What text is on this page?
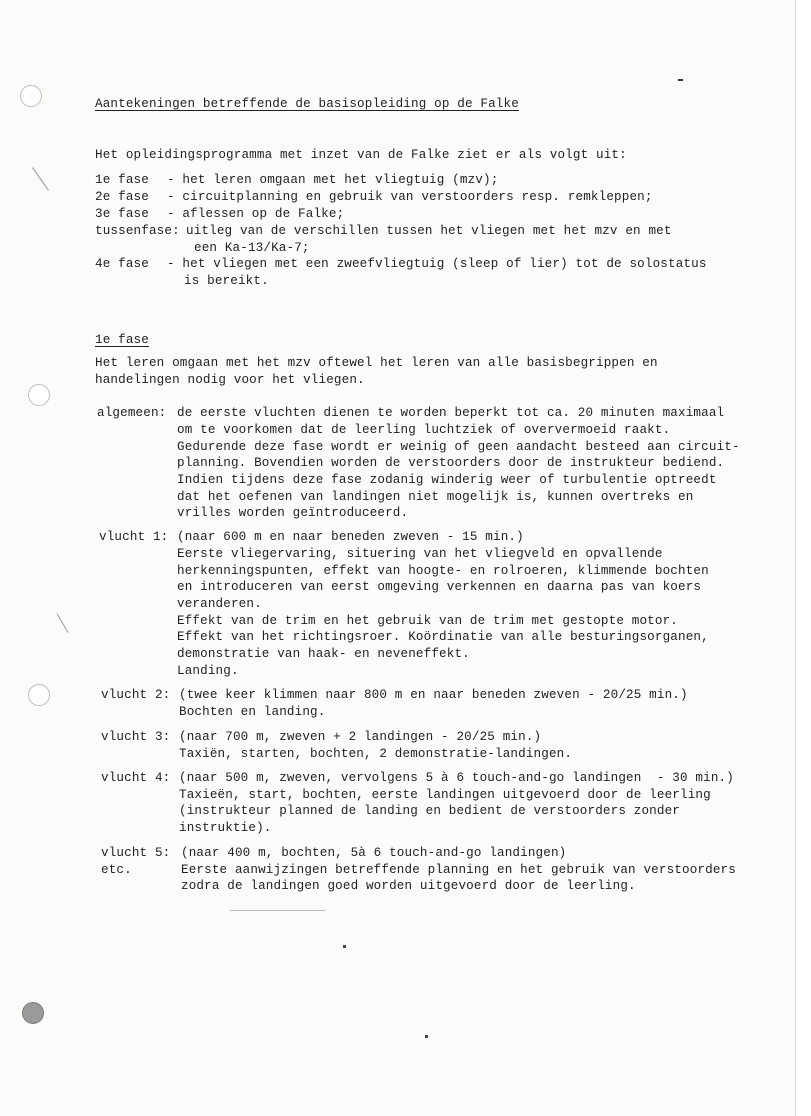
Aantekeningen betreffende de basisopleiding op de Falke
Het opleidingsprogramma met inzet van de Falke ziet er als volgt uit:
1e fase - het leren omgaan met het vliegtuig (mzv);
2e fase - circuitplanning en gebruik van verstoorders resp. remkleppen;
3e fase - aflessen op de Falke;
tussenfase: uitleg van de verschillen tussen het vliegen met het mzv en met
een Ka-13/Ka-7;
4e fase - het vliegen met een zweefvliegtuig (sleep of lier) tot de solostatus
is bereikt.
1e fase
Het leren omgaan met het mzv oftewel het leren van alle basisbegrippen en
handelingen nodig voor het vliegen.
algemeen: de eerste vluchten dienen te worden beperkt tot ca. 20 minuten maximaal
om te voorkomen dat de leerling luchtziek of oververmoeid raakt.
Gedurende deze fase wordt er weinig of geen aandacht besteed aan circuit-
planning. Bovendien worden de verstoorders door de instrukteur bediend.
Indien tijdens deze fase zodanig winderig weer of turbulentie optreedt
dat het oefenen van landingen niet mogelijk is, kunnen overtreks en
vrilles worden geïntroduceerd.
vlucht 1: (naar 600 m en naar beneden zweven - 15 min.)
Eerste vliegervaring, situering van het vliegveld en opvallende
herkenningspunten, effekt van hoogte- en rolroeren, klimmende bochten
en introduceren van eerst omgeving verkennen en daarna pas van koers
veranderen.
Effekt van de trim en het gebruik van de trim met gestopte motor.
Effekt van het richtingsroer. Koördinatie van alle besturingsorganen,
demonstratie van haak- en neveneffekt.
Landing.
vlucht 2: (twee keer klimmen naar 800 m en naar beneden zweven - 20/25 min.)
Bochten en landing.
vlucht 3: (naar 700 m, zweven + 2 landingen - 20/25 min.)
Taxiën, starten, bochten, 2 demonstratie-landingen.
vlucht 4: (naar 500 m, zweven, vervolgens 5 à 6 touch-and-go landingen  - 30 min.)
Taxieën, start, bochten, eerste landingen uitgevoerd door de leerling
(instrukteur planned de landing en bedient de verstoorders zonder
instruktie).
vlucht 5:
etc.
(naar 400 m, bochten, 5à 6 touch-and-go landingen)
Eerste aanwijzingen betreffende planning en het gebruik van verstoorders
zodra de landingen goed worden uitgevoerd door de leerling.
